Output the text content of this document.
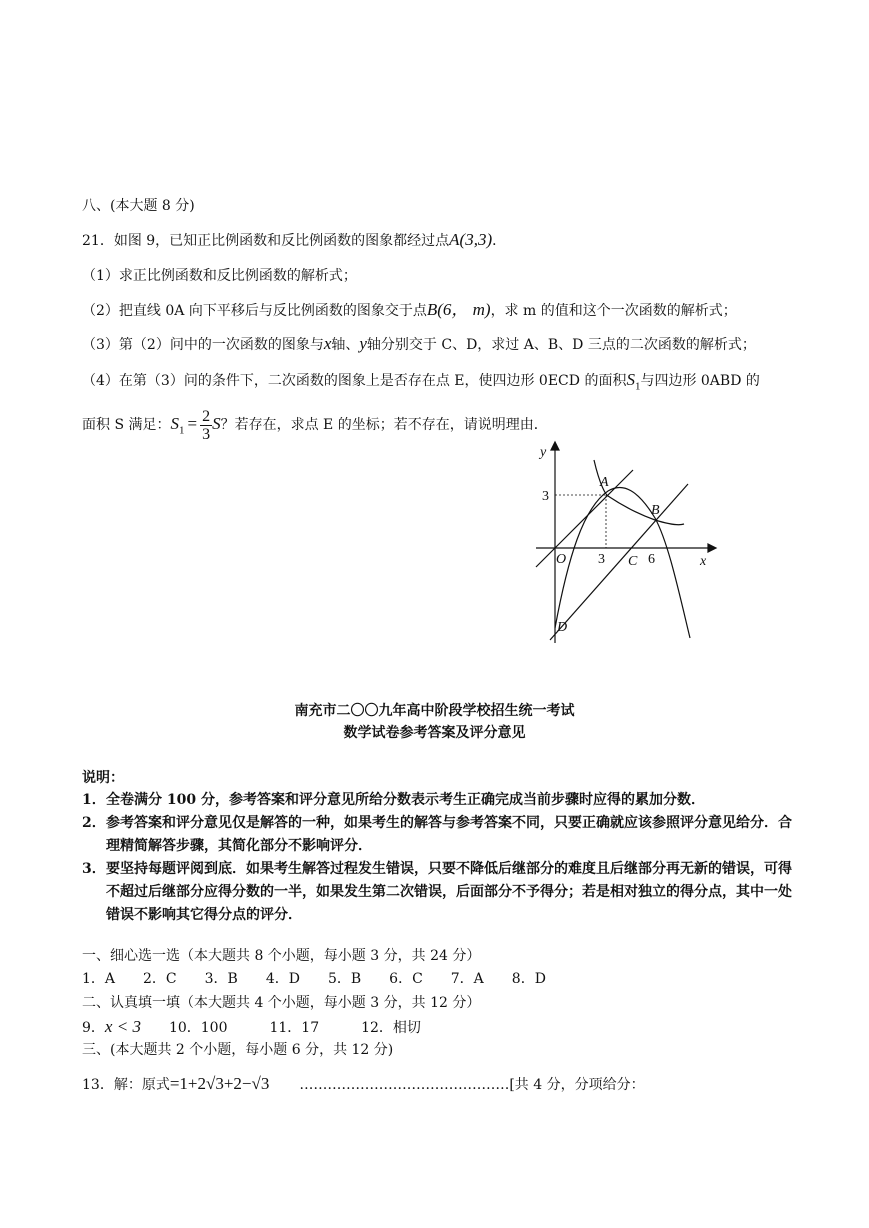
八、(本大题 8 分)
21．如图 9，已知正比例函数和反比例函数的图象都经过点A(3,3)．
（1）求正比例函数和反比例函数的解析式；
（2）把直线 0A 向下平移后与反比例函数的图象交于点B(6， m)，求 m 的值和这个一次函数的解析式；
（3）第（2）问中的一次函数的图象与x轴、y轴分别交于 C、D，求过 A、B、D 三点的二次函数的解析式；
（4）在第（3）问的条件下，二次函数的图象上是否存在点 E，使四边形 0ECD 的面积$S_1$与四边形 0ABD 的
面积 S 满足：$S_1 = \frac{2}{3}$ S？若存在，求点 E 的坐标；若不存在，请说明理由．
y
x
3
A
B
O 3 C 6
D
南充市二〇〇九年高中阶段学校招生统一考试
数学试卷参考答案及评分意见
说明：
1． 全卷满分 100 分，参考答案和评分意见所给分数表示考生正确完成当前步骤时应得的累加分数．
2． 参考答案和评分意见仅是解答的一种，如果考生的解答与参考答案不同，只要正确就应该参照评分意见给分．合理精简解答步骤，其简化部分不影响评分．
3． 要坚持每题评阅到底．如果考生解答过程发生错误，只要不降低后继部分的难度且后继部分再无新的错误，可得不超过后继部分应得分数的一半，如果发生第二次错误，后面部分不予得分；若是相对独立的得分点，其中一处错误不影响其它得分点的评分．
一、细心选一选（本大题共 8 个小题，每小题 3 分，共 24 分）
1．A　　2．C　　3．B　　4．D　　5．B　　6．C　　7．A　　8．D
二、认真填一填（本大题共 4 个小题，每小题 3 分，共 12 分）
9．x < 3　　10．100　　　11．17　　　12．相切
三、(本大题共 2 个小题，每小题 6 分，共 12 分)
13．解：原式=1+2√3+2−√3 ………………………………………[共 4 分，分项给分：
